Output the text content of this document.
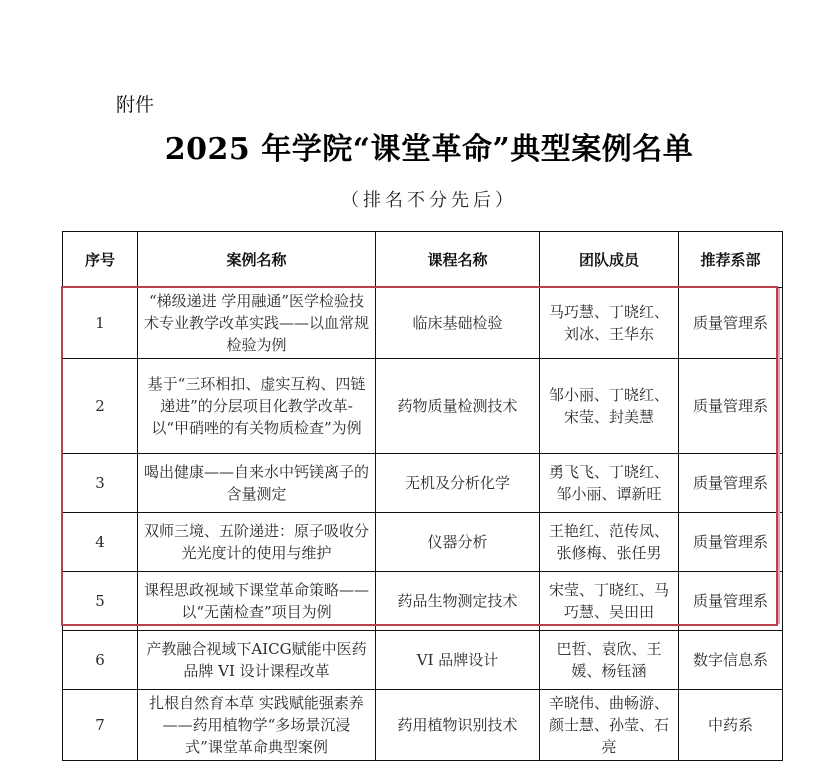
附件
2025 年学院“课堂革命”典型案例名单
（排名不分先后）
序号	案例名称	课程名称	团队成员	推荐系部
1	“梯级递进 学用融通”医学检验技术专业教学改革实践——以血常规检验为例	临床基础检验	马巧慧、丁晓红、刘冰、王华东	质量管理系
2	基于“三环相扣、虚实互构、四链递进”的分层项目化教学改革-以“甲硝唑的有关物质检查”为例	药物质量检测技术	邹小丽、丁晓红、宋莹、封美慧	质量管理系
3	喝出健康——自来水中钙镁离子的含量测定	无机及分析化学	勇飞飞、丁晓红、邹小丽、谭新旺	质量管理系
4	双师三境、五阶递进：原子吸收分光光度计的使用与维护	仪器分析	王艳红、范传凤、张修梅、张任男	质量管理系
5	课程思政视域下课堂革命策略——以“无菌检查”项目为例	药品生物测定技术	宋莹、丁晓红、马巧慧、吴田田	质量管理系
6	产教融合视域下AICG赋能中医药品牌 VI 设计课程改革	VI 品牌设计	巴哲、袁欣、王媛、杨钰涵	数字信息系
7	扎根自然育本草 实践赋能强素养——药用植物学“多场景沉浸式”课堂革命典型案例	药用植物识别技术	辛晓伟、曲畅游、颜士慧、孙莹、石亮	中药系
